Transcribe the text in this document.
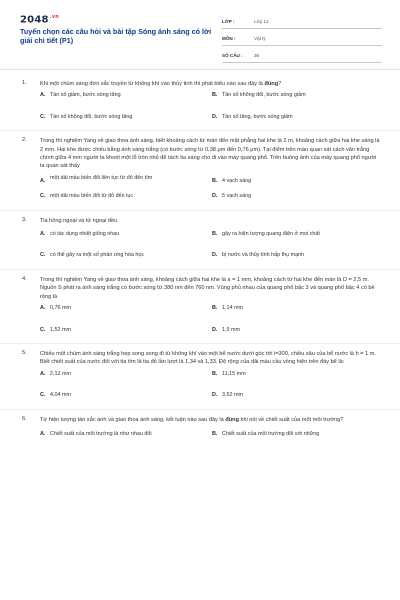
$2048^{.vn}$
Tuyển chọn các câu hỏi và bài tập Sóng ánh sáng có lời giải chi tiết (P1)
LỚP :	Lớp 12
MÔN :	Vật lý
SỐ CÂU :	36
1.	Khi một chùm sáng đơn sắc truyền từ không khí vào thủy tinh thì phát biểu nào sau đây là đúng?
A. Tần số giảm, bước sóng tăng	B. Tần số không đổi, bước sóng giảm
C. Tần số không đổi, bước sóng tăng	D. Tần số tăng, bước sóng giảm
2.	Trong thí nghiệm Yang về giao thoa ánh sáng, biết khoảng cách từ màn đến mặt phẳng hai khe là 2 m, khoảng cách giữa hai khe sáng là 2 mm. Hai khe được chiếu bằng ánh sáng trắng (có bước sóng từ 0,38 μm đến 0,76 μm). Tại điểm trên màn quan sát cách vân trắng chính giữa 4 mm người ta khoét một lỗ tròn nhỏ để tách tia sáng cho đi vào máy quang phổ. Trên buồng ảnh của máy quang phổ người ta quan sát thấy
A. một dải màu biến đổi liên tục từ đỏ đến tím	B. 4 vạch sáng
C. một dải màu biến đổi từ đỏ đến lục	D. 5 vạch sáng
3.	Tia hồng ngoại và tử ngoại đều
A. có tác dụng nhiệt giống nhau	B. gây ra hiện tượng quang điện ở mọi chất
C. có thể gây ra một số phản ứng hóa học	D. bị nước và thủy tinh hấp thụ mạnh
4.	Trong thí nghiệm Yang về giao thoa ánh sáng, khoảng cách giữa hai khe là a = 1 mm, khoảng cách từ hai khe đến màn là D = 2,5 m. Nguồn S phát ra ánh sáng trắng có bước sóng từ 380 nm đến 760 nm. Vùng phủ nhau của quang phổ bậc 3 và quang phổ bậc 4 có bề rộng là
A. 0,76 mm	B. 1,14 mm
C. 1,52 mm	D. 1,9 mm
5.	Chiếu một chùm ánh sáng trắng hẹp song song đi từ không khí vào một bể nước dưới góc tới i=300, chiều sâu của bể nước là h = 1 m. Biết chiết suất của nước đối với tia tím là tia đỏ lần lượt là 1,34 và 1,33. Độ rộng của dải màu cầu vồng hiện trên đáy bể là:
A. 2,12 mm	B. 11,15 mm
C. 4,04 mm	D. 3,52 mm
6.	Từ hiện tượng tán sắc ánh và giao thoa ánh sáng, kết luận nào sau đây là đúng khi nói về chiết suất của một môi trường?
A. Chiết suất của môi trường là như nhau đối	B. Chiết suất của môi trường đối với những
